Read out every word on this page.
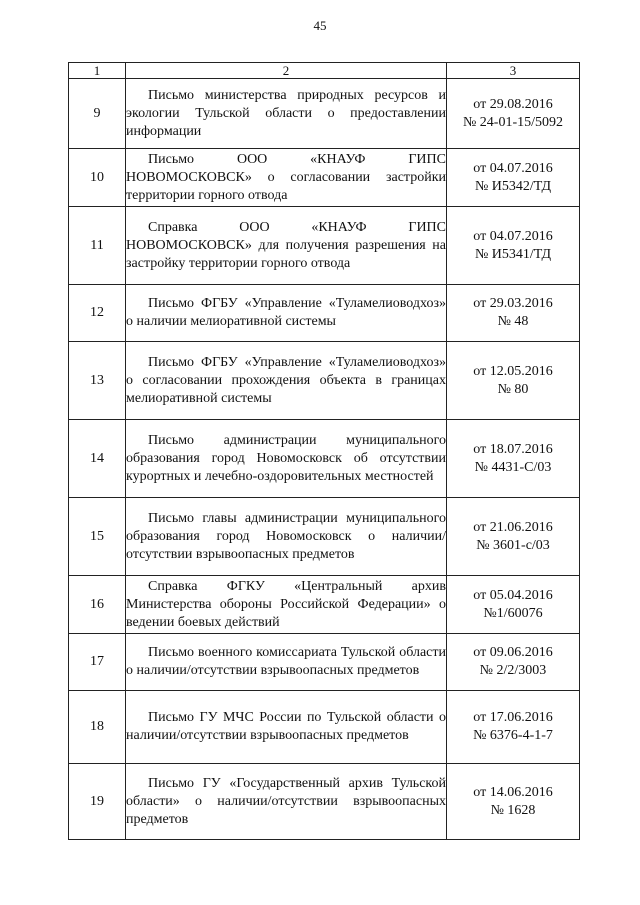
45
1	2	3
9	Письмо министерства природных ресурсов и экологии Тульской области о предоставлении информации	от 29.08.2016
№ 24-01-15/5092

10	Письмо ООО «КНАУФ ГИПС НОВОМОСКОВСК» о согласовании застройки территории горного отвода	от 04.07.2016
№ И5342/ТД

11	Справка ООО «КНАУФ ГИПС НОВОМОСКОВСК» для получения разрешения на застройку территории горного отвода	от 04.07.2016
№ И5341/ТД

12	Письмо ФГБУ «Управление «Туламелиоводхоз» о наличии мелиоративной системы	от 29.03.2016
№ 48

13	Письмо ФГБУ «Управление «Туламелиоводхоз» о согласовании прохождения объекта в границах мелиоративной системы	от 12.05.2016
№ 80

14	Письмо администрации муниципального образования город Новомосковск об отсутствии курортных и лечебно-оздоровительных местностей	от 18.07.2016
№ 4431-С/03

15	Письмо главы администрации муниципального образования город Новомосковск о наличии/отсутствии взрывоопасных предметов	от 21.06.2016
№ 3601-с/03

16	Справка ФГКУ «Центральный архив Министерства обороны Российской Федерации» о ведении боевых действий	от 05.04.2016
№1/60076

17	Письмо военного комиссариата Тульской области о наличии/отсутствии взрывоопасных предметов	от 09.06.2016
№ 2/2/3003

18	Письмо ГУ МЧС России по Тульской области о наличии/отсутствии взрывоопасных предметов	от 17.06.2016
№ 6376-4-1-7

19	Письмо ГУ «Государственный архив Тульской области» о наличии/отсутствии взрывоопасных предметов	от 14.06.2016
№ 1628
